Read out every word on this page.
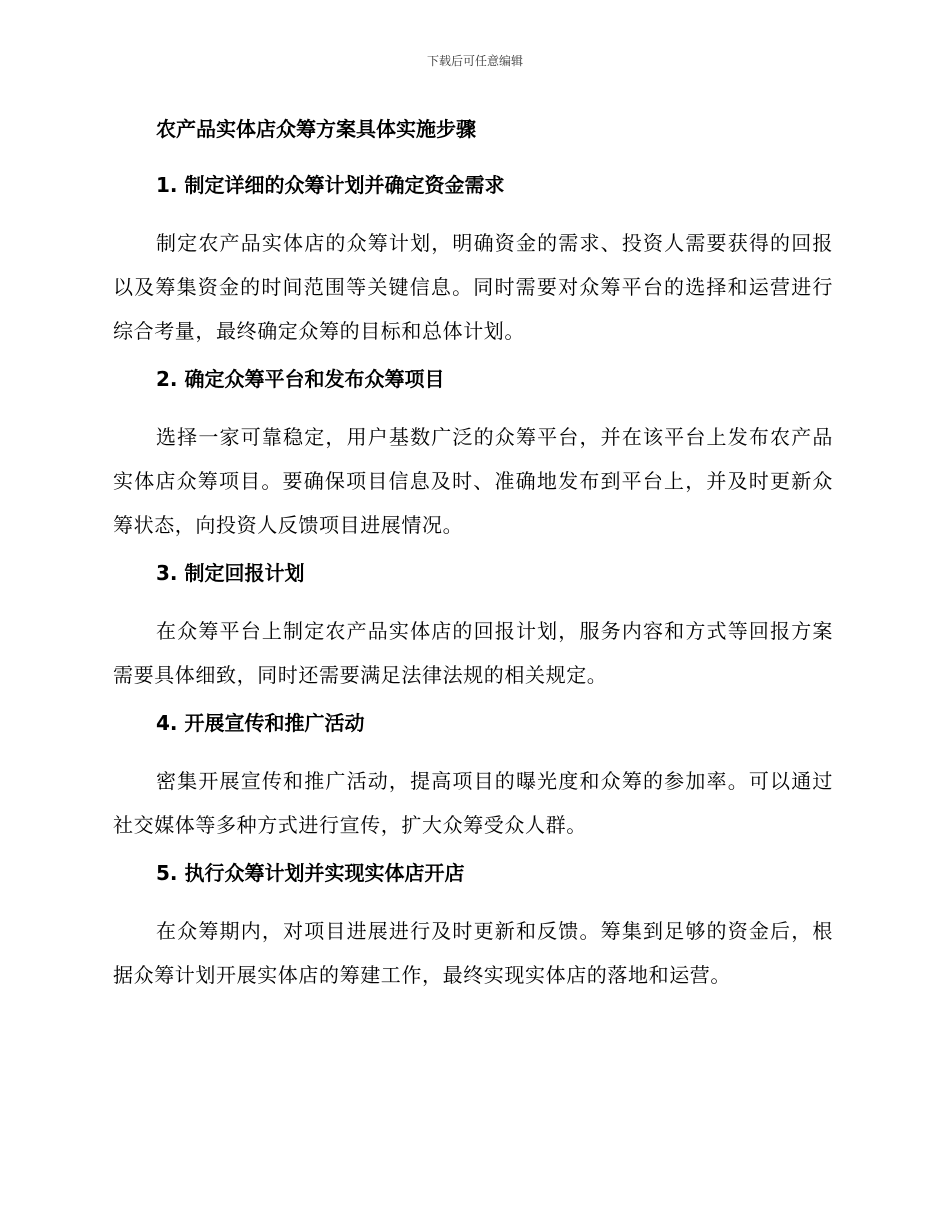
下载后可任意编辑
农产品实体店众筹方案具体实施步骤
1. 制定详细的众筹计划并确定资金需求

制定农产品实体店的众筹计划，明确资金的需求、投资人需要获得的回报以及筹集资金的时间范围等关键信息。同时需要对众筹平台的选择和运营进行综合考量，最终确定众筹的目标和总体计划。

2. 确定众筹平台和发布众筹项目

选择一家可靠稳定，用户基数广泛的众筹平台，并在该平台上发布农产品实体店众筹项目。要确保项目信息及时、准确地发布到平台上，并及时更新众筹状态，向投资人反馈项目进展情况。

3. 制定回报计划

在众筹平台上制定农产品实体店的回报计划，服务内容和方式等回报方案需要具体细致，同时还需要满足法律法规的相关规定。

4. 开展宣传和推广活动

密集开展宣传和推广活动，提高项目的曝光度和众筹的参加率。可以通过社交媒体等多种方式进行宣传，扩大众筹受众人群。

5. 执行众筹计划并实现实体店开店

在众筹期内，对项目进展进行及时更新和反馈。筹集到足够的资金后，根据众筹计划开展实体店的筹建工作，最终实现实体店的落地和运营。
